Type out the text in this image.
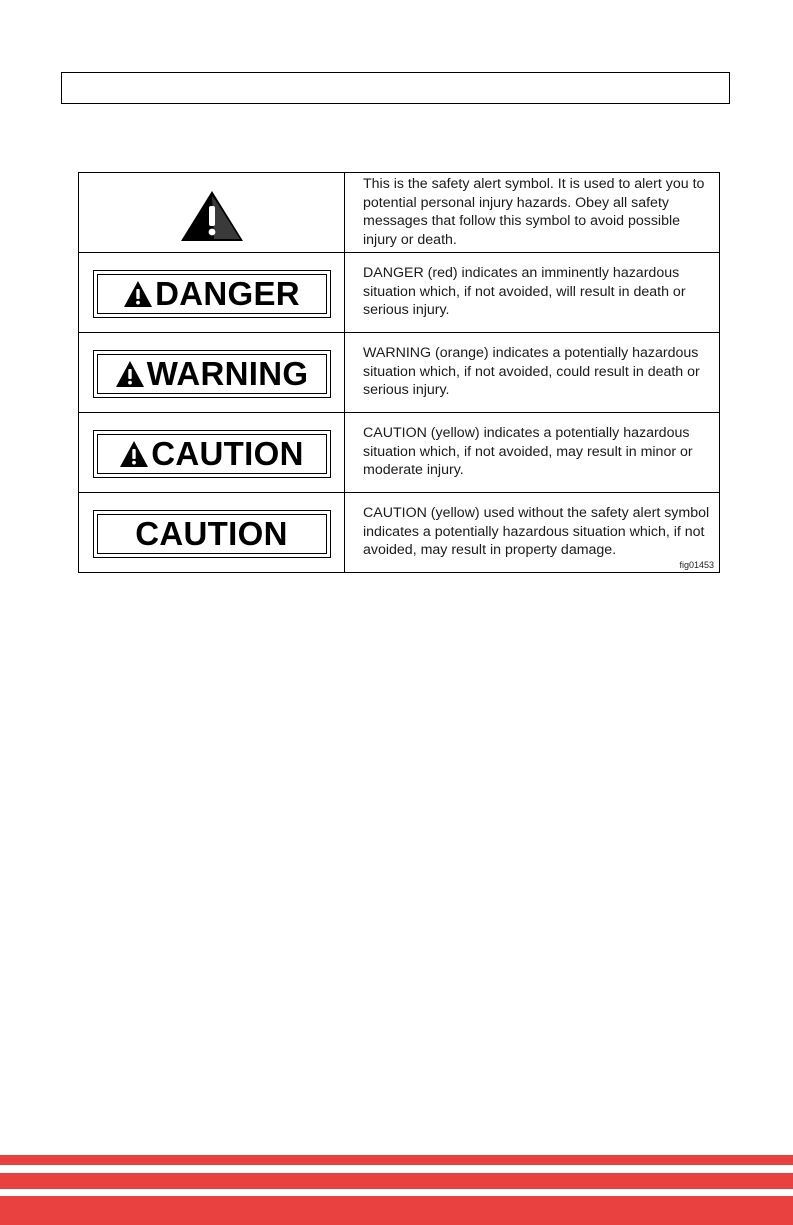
	This is the safety alert symbol. It is used to alert you to potential personal injury hazards. Obey all safety messages that follow this symbol to avoid possible injury or death.

DANGER	DANGER (red) indicates an imminently hazardous situation which, if not avoided, will result in death or serious injury.

WARNING	WARNING (orange) indicates a potentially hazardous situation which, if not avoided, could result in death or serious injury.

CAUTION	CAUTION (yellow) indicates a potentially hazardous situation which, if not avoided, may result in minor or moderate injury.

CAUTION	CAUTION (yellow) used without the safety alert symbol indicates a potentially hazardous situation which, if not avoided, may result in property damage.
fig01453
